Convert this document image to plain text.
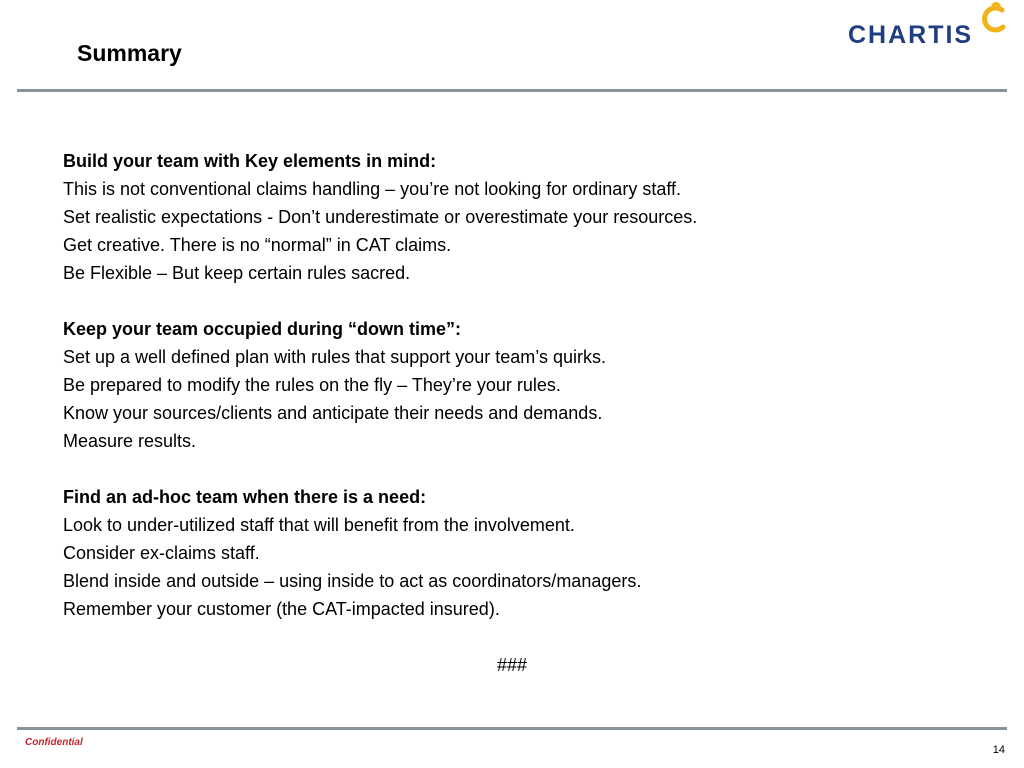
Summary
CHARTIS
Build your team with Key elements in mind:
This is not conventional claims handling – you’re not looking for ordinary staff.
Set realistic expectations - Don’t underestimate or overestimate your resources.
Get creative. There is no “normal” in CAT claims.
Be Flexible – But keep certain rules sacred.
Keep your team occupied during “down time”:
Set up a well defined plan with rules that support your team’s quirks.
Be prepared to modify the rules on the fly – They’re your rules.
Know your sources/clients and anticipate their needs and demands.
Measure results.
Find an ad-hoc team when there is a need:
Look to under-utilized staff that will benefit from the involvement.
Consider ex-claims staff.
Blend inside and outside – using inside to act as coordinators/managers.
Remember your customer (the CAT-impacted insured).
###
Confidential
14
